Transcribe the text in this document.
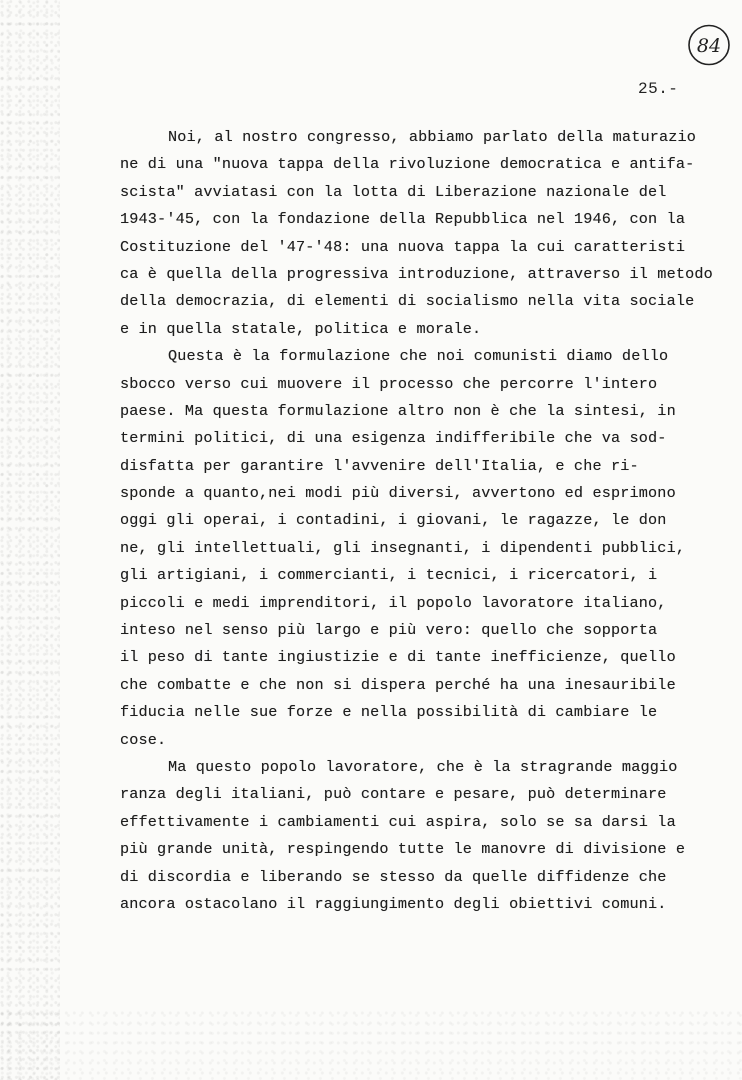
84
25.-
Noi, al nostro congresso, abbiamo parlato della maturazio
ne di una "nuova tappa della rivoluzione democratica e antifa-
scista" avviatasi con la lotta di Liberazione nazionale del
1943-'45, con la fondazione della Repubblica nel 1946, con la
Costituzione del '47-'48: una nuova tappa la cui caratteristi
ca è quella della progressiva introduzione, attraverso il metodo
della democrazia, di elementi di socialismo nella vita sociale
e in quella statale, politica e morale.
Questa è la formulazione che noi comunisti diamo dello
sbocco verso cui muovere il processo che percorre l'intero
paese. Ma questa formulazione altro non è che la sintesi, in
termini politici, di una esigenza indifferibile che va sod-
disfatta per garantire l'avvenire dell'Italia, e che ri-
sponde a quanto,nei modi più diversi, avvertono ed esprimono
oggi gli operai, i contadini, i giovani, le ragazze, le don
ne, gli intellettuali, gli insegnanti, i dipendenti pubblici,
gli artigiani, i commercianti, i tecnici, i ricercatori, i
piccoli e medi imprenditori, il popolo lavoratore italiano,
inteso nel senso più largo e più vero: quello che sopporta
il peso di tante ingiustizie e di tante inefficienze, quello
che combatte e che non si dispera perché ha una inesauribile
fiducia nelle sue forze e nella possibilità di cambiare le
cose.
Ma questo popolo lavoratore, che è la stragrande maggio
ranza degli italiani, può contare e pesare, può determinare
effettivamente i cambiamenti cui aspira, solo se sa darsi la
più grande unità, respingendo tutte le manovre di divisione e
di discordia e liberando se stesso da quelle diffidenze che
ancora ostacolano il raggiungimento degli obiettivi comuni.
